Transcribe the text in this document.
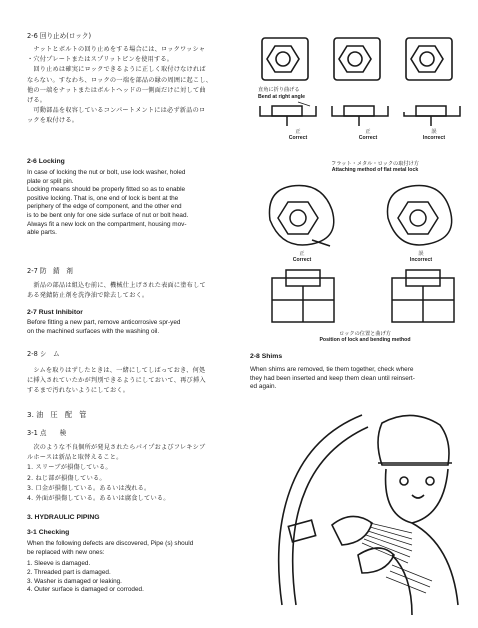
2-6 回り止め(ロック)
　ナットとボルトの回り止めをする場合には、ロックワッシャ
・穴付プレートまたはスプリットピンを使用する。
　回り止めは確実にロックできるように正しく取付けなければ
ならない。すなわち、ロックの一端を部品の縁の周囲に起こし、
他の一端をナットまたはボルトヘッドの一側面だけに対して曲
げる。
　可動部品を収容しているコンパートメントには必ず新品のロ
ックを取付ける。
2-6 Locking
In case of locking the nut or bolt, use lock washer, holed
plate or split pin.
Locking means should be properly fitted so as to enable
positive locking. That is, one end of lock is bent at the
periphery of the edge of component, and the other end
is to be bent only for one side surface of nut or bolt head.
Always fit a new lock on the compartment, housing mov-
able parts.
2-7 防　錆　剤
　新品の部品は組込む前に、機械仕上げされた表面に塗布して
ある発錆防止剤を洗浄油で除去しておく。
2-7 Rust Inhibitor
Before fitting a new part, remove anticorrosive spr-yed
on the machined surfaces with the washing oil.
2-8 シ　ム
　シムを取りはずしたときは、一緒にしてしばっておき、何処
に挿入されていたかが判別できるようにしておいて、再び挿入
するまで汚れないようにしておく。
3. 油　圧　配　管
3-1 点　　検
　次のような不良個所が発見されたらパイプおよびフレキシブ
ルホースは新品と取替えること。
1. スリーブが損傷している。
2. ねじ部が損傷している。
3. 口金が損傷している。あるいは洩れる。
4. 外面が損傷している。あるいは腐食している。
3. HYDRAULIC PIPING
3-1 Checking
When the following defects are discovered, Pipe (s) should
be replaced with new ones:
1. Sleeve is damaged.
2. Threaded part is damaged.
3. Washer is damaged or leaking.
4. Outer surface is damaged or corroded.
直角に折り曲げる
Bend at right angle
正
Correct
正
Correct
誤
Incorrect
フラット・メタル・ロックの取付け方
Attaching method of flat metal lock
正
Correct
誤
Incorrect
ロックの位置と曲げ方
Position of lock and bending method
2-8 Shims
When shims are removed, tie them together, check where
they had been inserted and keep them clean until reinsert-
ed again.
